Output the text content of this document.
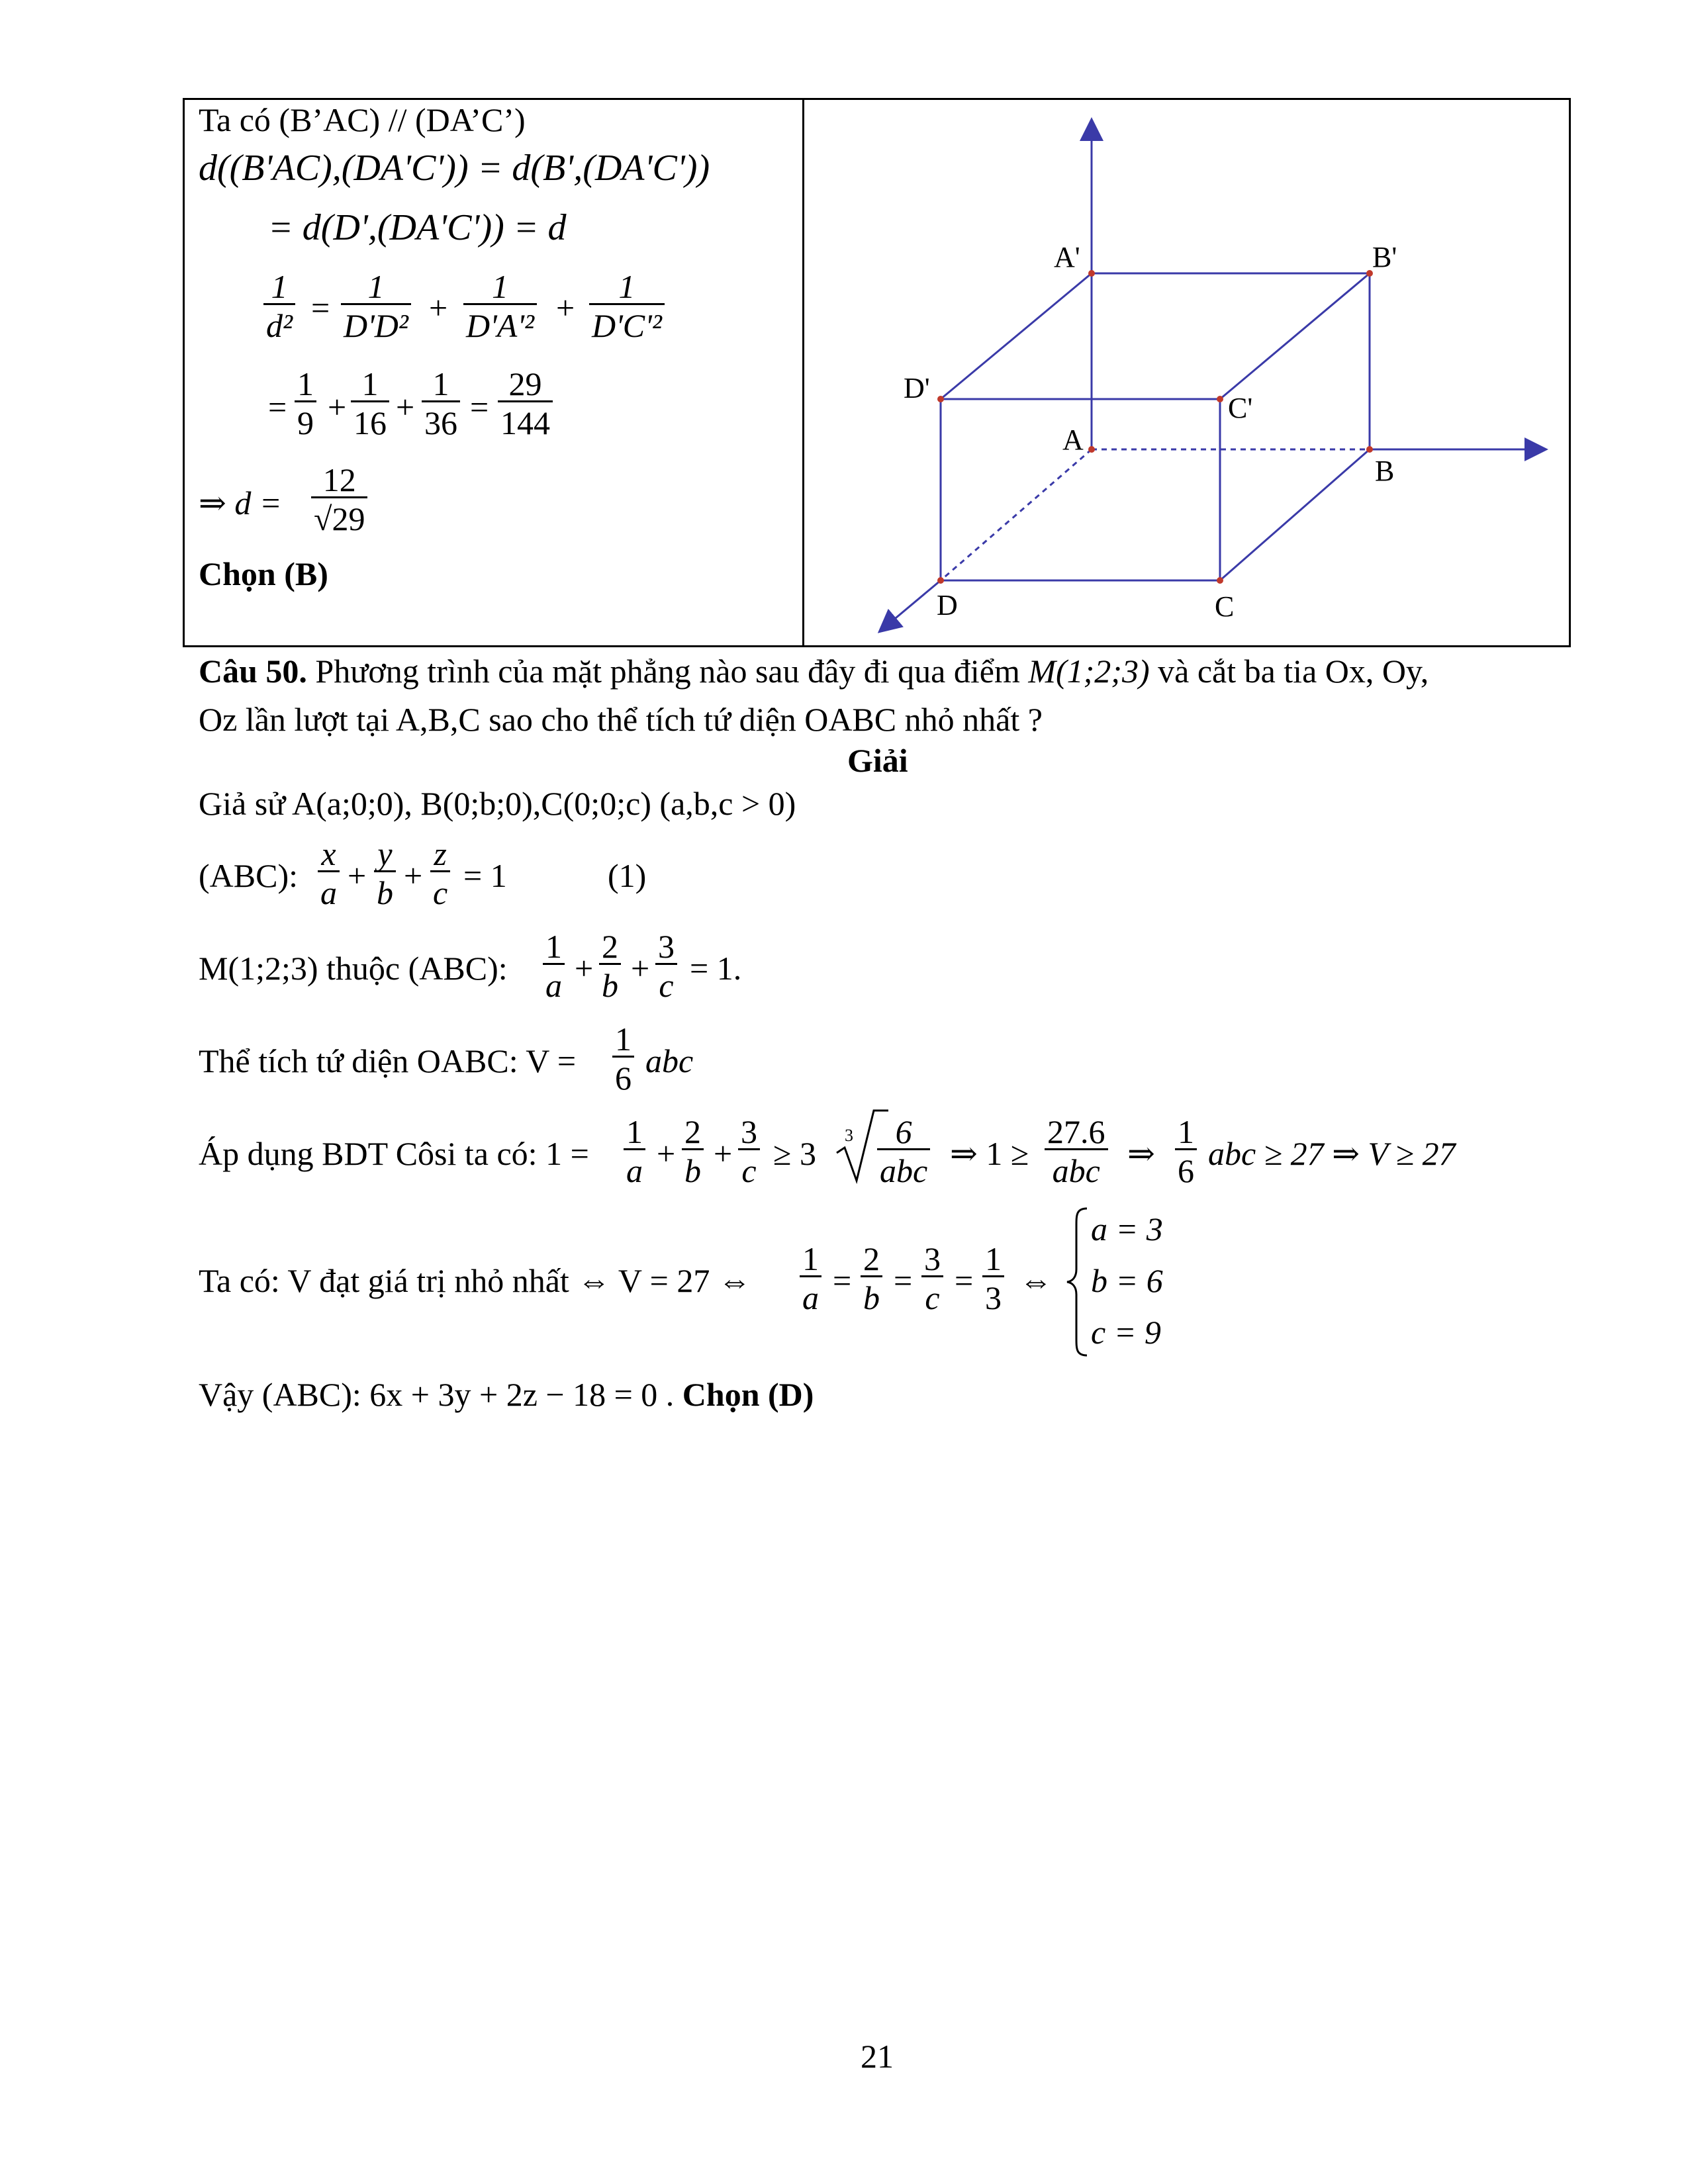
Ta có (B’AC) // (DA’C’)
d((B'AC),(DA'C')) = d(B',(DA'C'))
= d(D',(DA'C')) = d
$\frac{1}{\text{d²}} = \frac{1}{\text{D'D²}} + \frac{1}{\text{D'A'²}} + \frac{1}{\text{D'C'²}}$
= $\frac{1}{9} + \frac{1}{16} + \frac{1}{36} = \frac{29}{144}$
⇒ $d = \frac{12}{√29}$
Chọn (B)
A'	B'
D'
C'
A
B
D	C
Câu 50. Phương trình của mặt phẳng nào sau đây đi qua điểm M(1;2;3) và cắt ba tia Ox, Oy,
Oz lần lượt tại A,B,C sao cho thể tích tứ diện OABC nhỏ nhất ?
Giải
Giả sử A(a;0;0), B(0;b;0),C(0;0;c) (a,b,c > 0)
(ABC): $\frac{x}{a} + \frac{y}{b} + \frac{z}{c} = 1$	(1)
M(1;2;3) thuộc (ABC): $\frac{1}{a} + \frac{2}{b} + \frac{3}{c} = 1$.
Thể tích tứ diện OABC: $V = \frac{1}{6}$ abc
Áp dụng BDT Côsi ta có: $1 = \frac{1}{a} + \frac{2}{b} + \frac{3}{c} \ge 3$ 3	6
abc ⇒ 1 ≥
27.6
abc ⇒ $\frac{1}{6}$ abc ≥ 27 ⇒ V ≥ 27
Ta có: V đạt giá trị nhỏ nhất ⇔ V = 27 ⇔ $\frac{1}{a} = \frac{2}{b} = \frac{3}{c} = \frac{1}{3}$ ⇔
a = 3
b = 6
c = 9
Vậy (ABC): 6x + 3y + 2z − 18 = 0 . Chọn (D)
21
